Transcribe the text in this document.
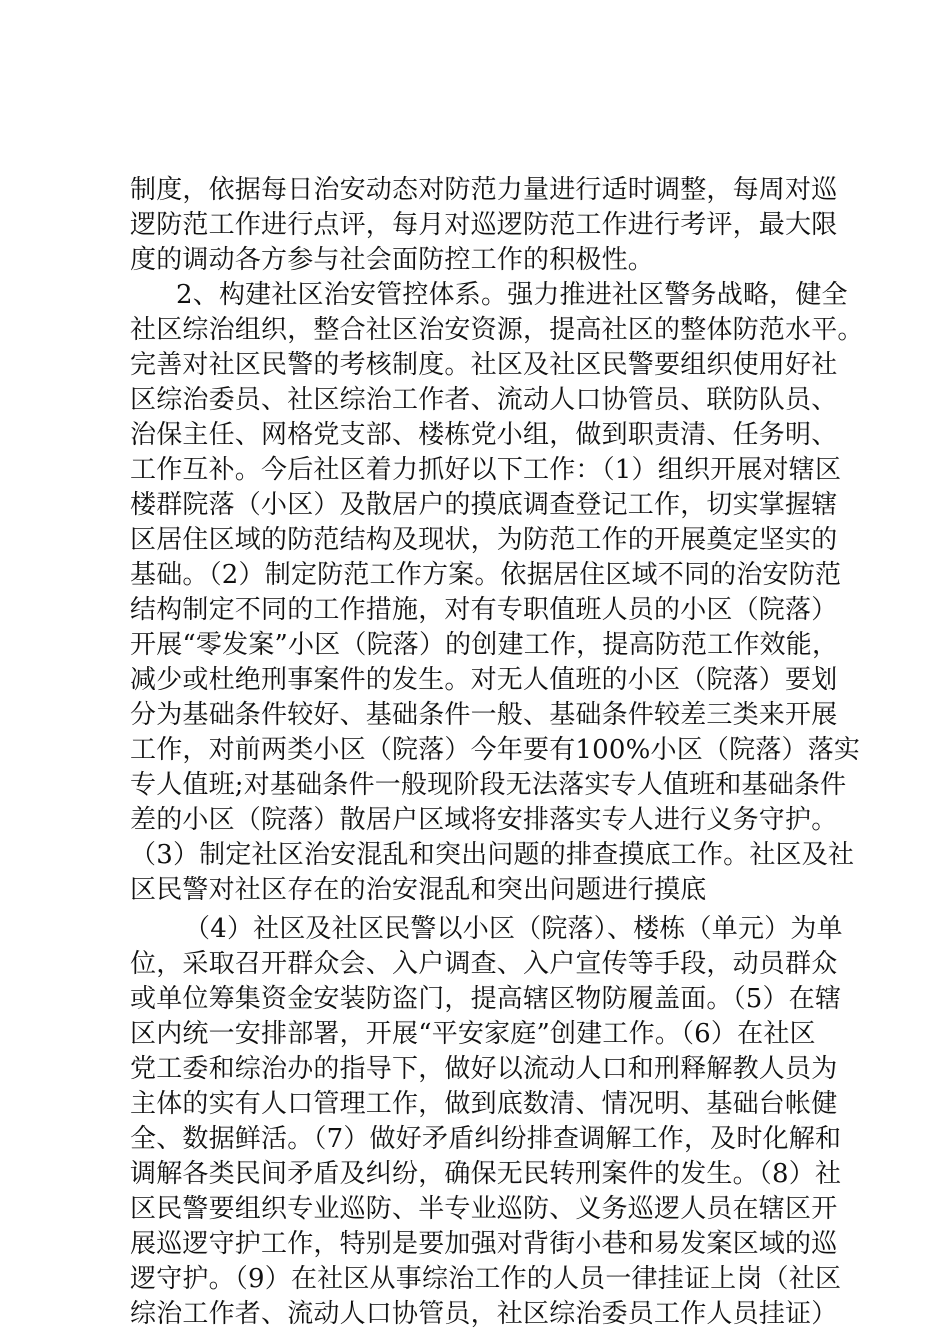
制度，依据每日治安动态对防范力量进行适时调整，每周对巡
逻防范工作进行点评，每月对巡逻防范工作进行考评，最大限
度的调动各方参与社会面防控工作的积极性。
2、构建社区治安管控体系。强力推进社区警务战略，健全
社区综治组织，整合社区治安资源，提高社区的整体防范水平。
完善对社区民警的考核制度。社区及社区民警要组织使用好社
区综治委员、社区综治工作者、流动人口协管员、联防队员、
治保主任、网格党支部、楼栋党小组，做到职责清、任务明、
工作互补。今后社区着力抓好以下工作：（1）组织开展对辖区
楼群院落（小区）及散居户的摸底调查登记工作，切实掌握辖
区居住区域的防范结构及现状，为防范工作的开展奠定坚实的
基础。（2）制定防范工作方案。依据居住区域不同的治安防范
结构制定不同的工作措施，对有专职值班人员的小区（院落）
开展“零发案”小区（院落）的创建工作，提高防范工作效能，
减少或杜绝刑事案件的发生。对无人值班的小区（院落）要划
分为基础条件较好、基础条件一般、基础条件较差三类来开展
工作，对前两类小区（院落）今年要有100%小区（院落）落实
专人值班;对基础条件一般现阶段无法落实专人值班和基础条件
差的小区（院落）散居户区域将安排落实专人进行义务守护。
（3）制定社区治安混乱和突出问题的排查摸底工作。社区及社
区民警对社区存在的治安混乱和突出问题进行摸底
（4）社区及社区民警以小区（院落）、楼栋（单元）为单
位，采取召开群众会、入户调查、入户宣传等手段，动员群众
或单位筹集资金安装防盗门，提高辖区物防履盖面。（5）在辖
区内统一安排部署，开展“平安家庭”创建工作。（6）在社区
党工委和综治办的指导下，做好以流动人口和刑释解教人员为
主体的实有人口管理工作，做到底数清、情况明、基础台帐健
全、数据鲜活。（7）做好矛盾纠纷排查调解工作，及时化解和
调解各类民间矛盾及纠纷，确保无民转刑案件的发生。（8）社
区民警要组织专业巡防、半专业巡防、义务巡逻人员在辖区开
展巡逻守护工作，特别是要加强对背街小巷和易发案区域的巡
逻守护。（9）在社区从事综治工作的人员一律挂证上岗（社区
综治工作者、流动人口协管员，社区综治委员工作人员挂证）
